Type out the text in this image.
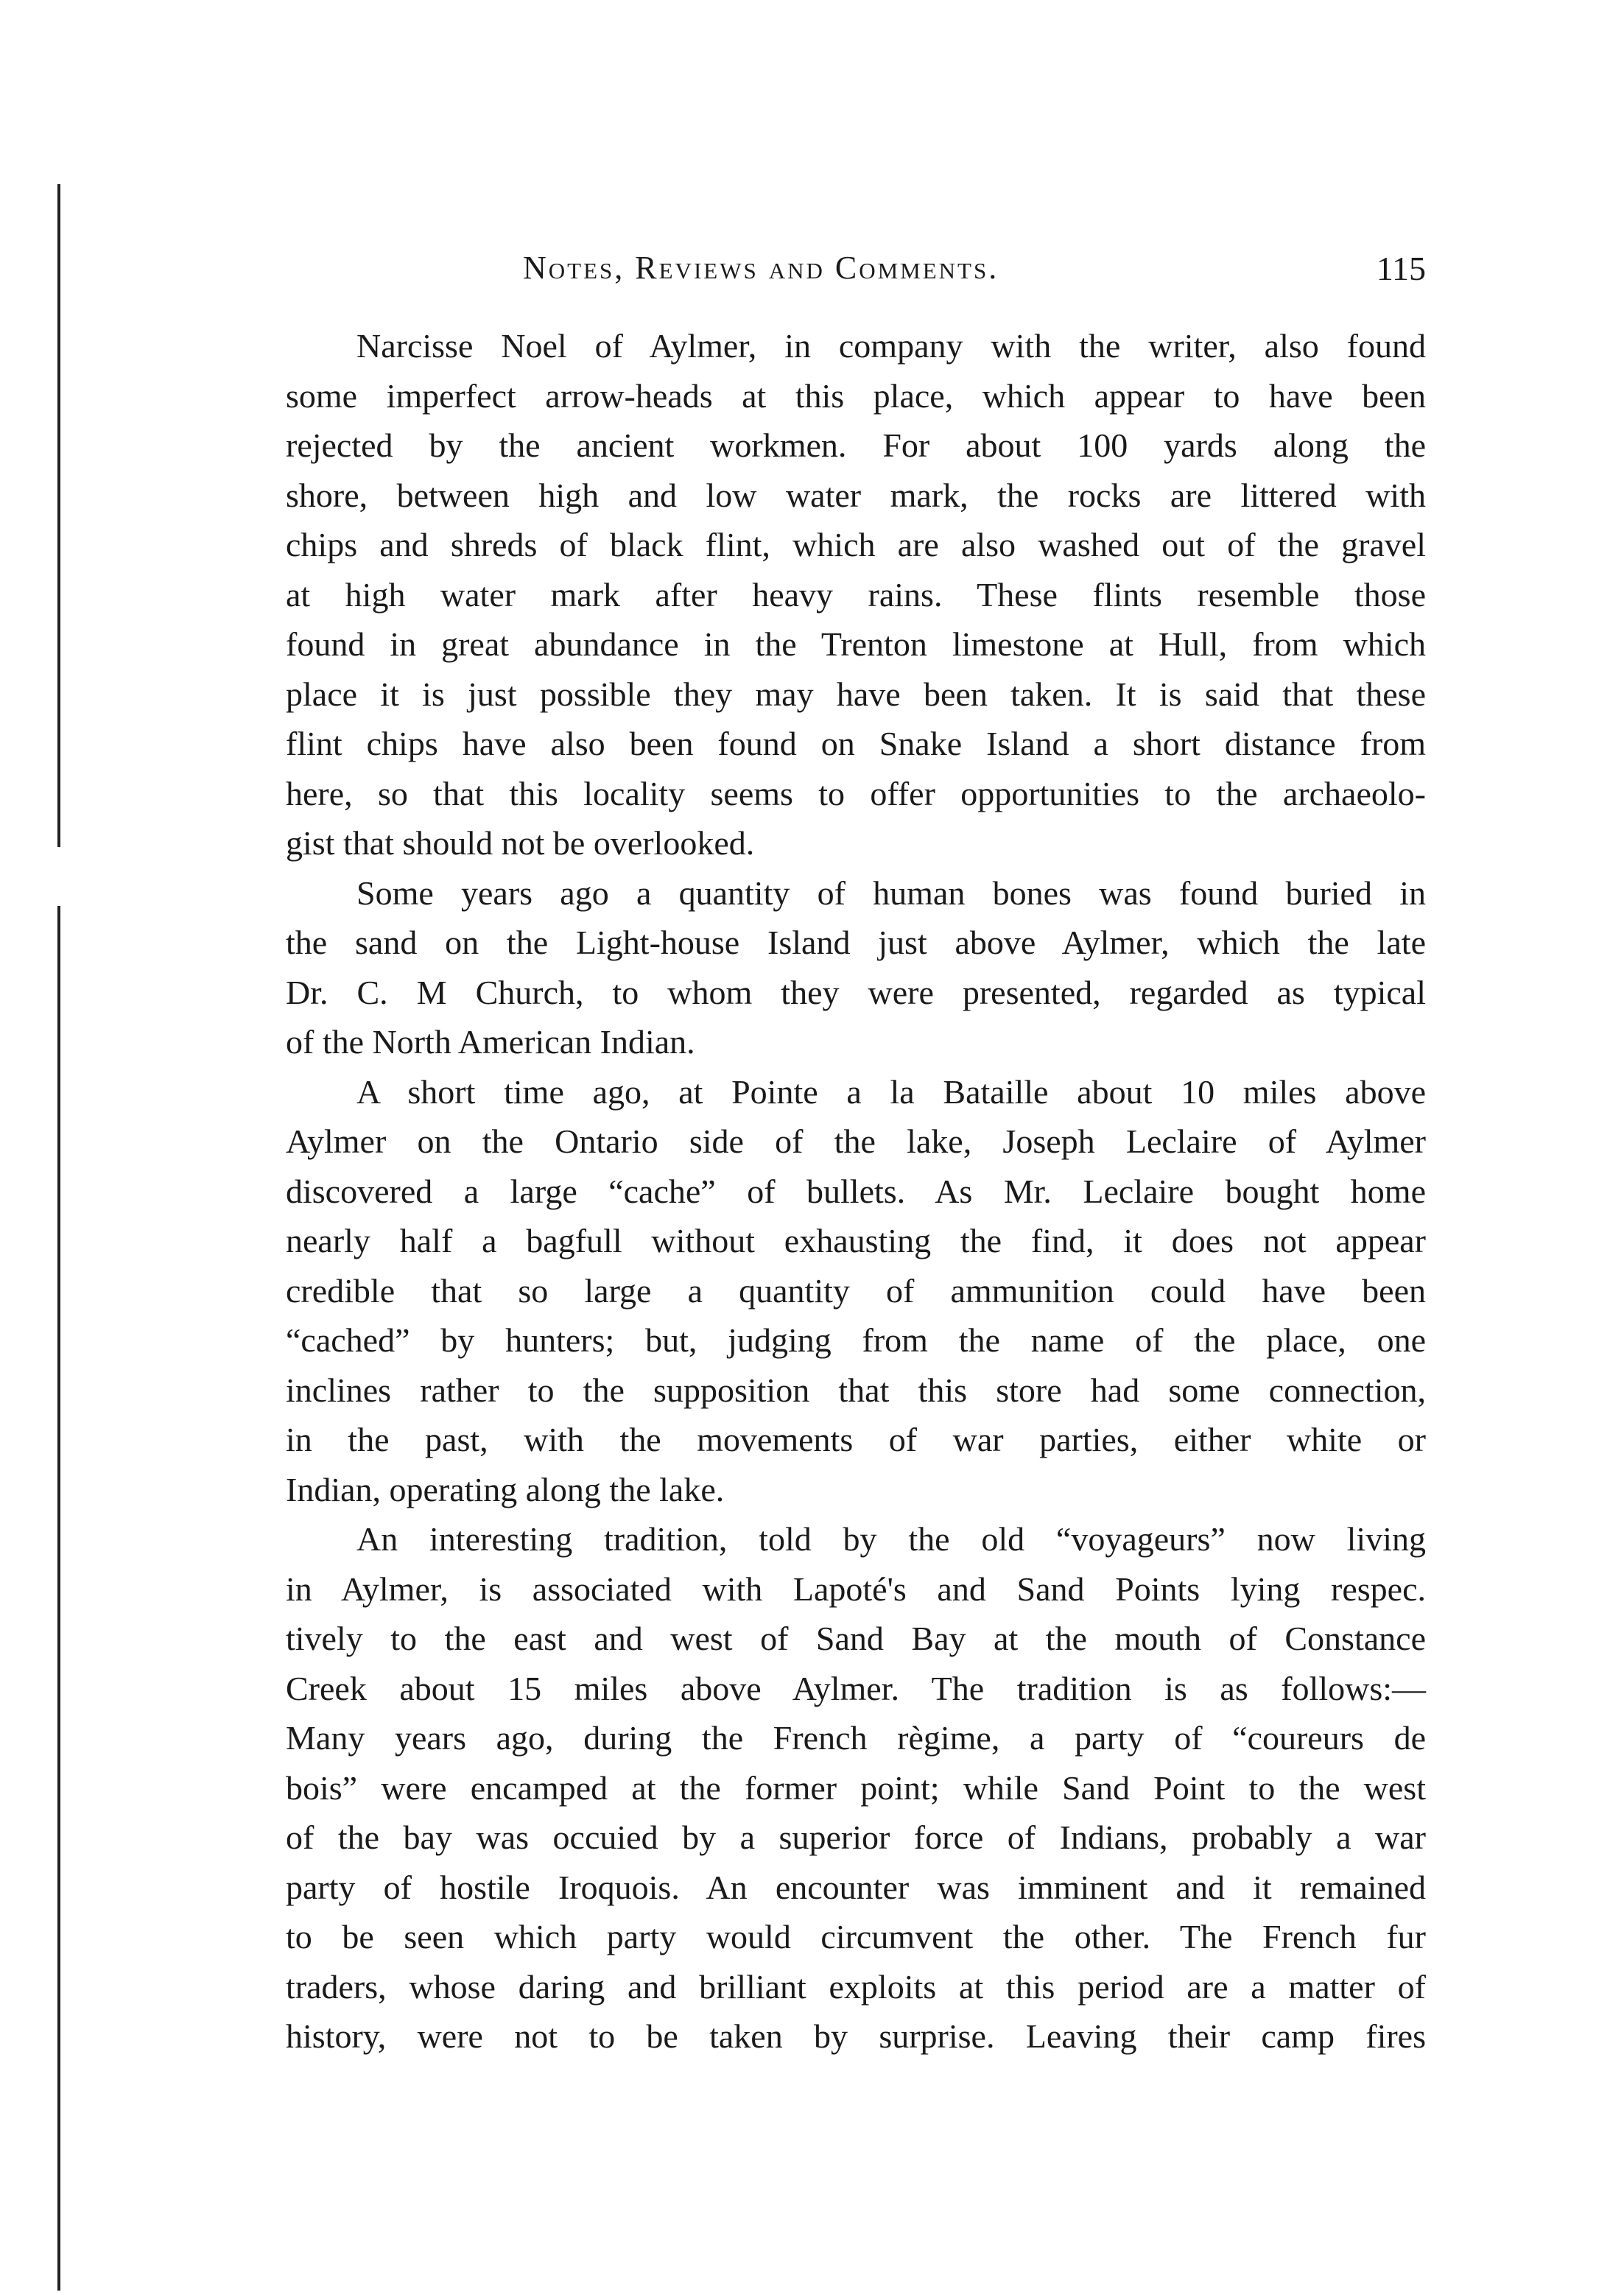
Notes, Reviews and Comments.	115

Narcisse Noel of Aylmer, in company with the writer, also found
some imperfect arrow-heads at this place, which appear to have been
rejected by the ancient workmen. For about 100 yards along the
shore, between high and low water mark, the rocks are littered with
chips and shreds of black flint, which are also washed out of the gravel
at high water mark after heavy rains. These flints resemble those
found in great abundance in the Trenton limestone at Hull, from which
place it is just possible they may have been taken. It is said that these
flint chips have also been found on Snake Island a short distance from
here, so that this locality seems to offer opportunities to the archaeolo-
gist that should not be overlooked.

Some years ago a quantity of human bones was found buried in
the sand on the Light-house Island just above Aylmer, which the late
Dr. C. M Church, to whom they were presented, regarded as typical
of the North American Indian.

A short time ago, at Pointe a la Bataille about 10 miles above
Aylmer on the Ontario side of the lake, Joseph Leclaire of Aylmer
discovered a large “cache” of bullets. As Mr. Leclaire bought home
nearly half a bagfull without exhausting the find, it does not appear
credible that so large a quantity of ammunition could have been
“cached” by hunters; but, judging from the name of the place, one
inclines rather to the supposition that this store had some connection,
in the past, with the movements of war parties, either white or
Indian, operating along the lake.

An interesting tradition, told by the old “voyageurs” now living
in Aylmer, is associated with Lapoté's and Sand Points lying respec.
tively to the east and west of Sand Bay at the mouth of Constance
Creek about 15 miles above Aylmer. The tradition is as follows:—
Many years ago, during the French règime, a party of “coureurs de
bois” were encamped at the former point; while Sand Point to the west
of the bay was occuied by a superior force of Indians, probably a war
party of hostile Iroquois. An encounter was imminent and it remained
to be seen which party would circumvent the other. The French fur
traders, whose daring and brilliant exploits at this period are a matter of
history, were not to be taken by surprise. Leaving their camp fires
